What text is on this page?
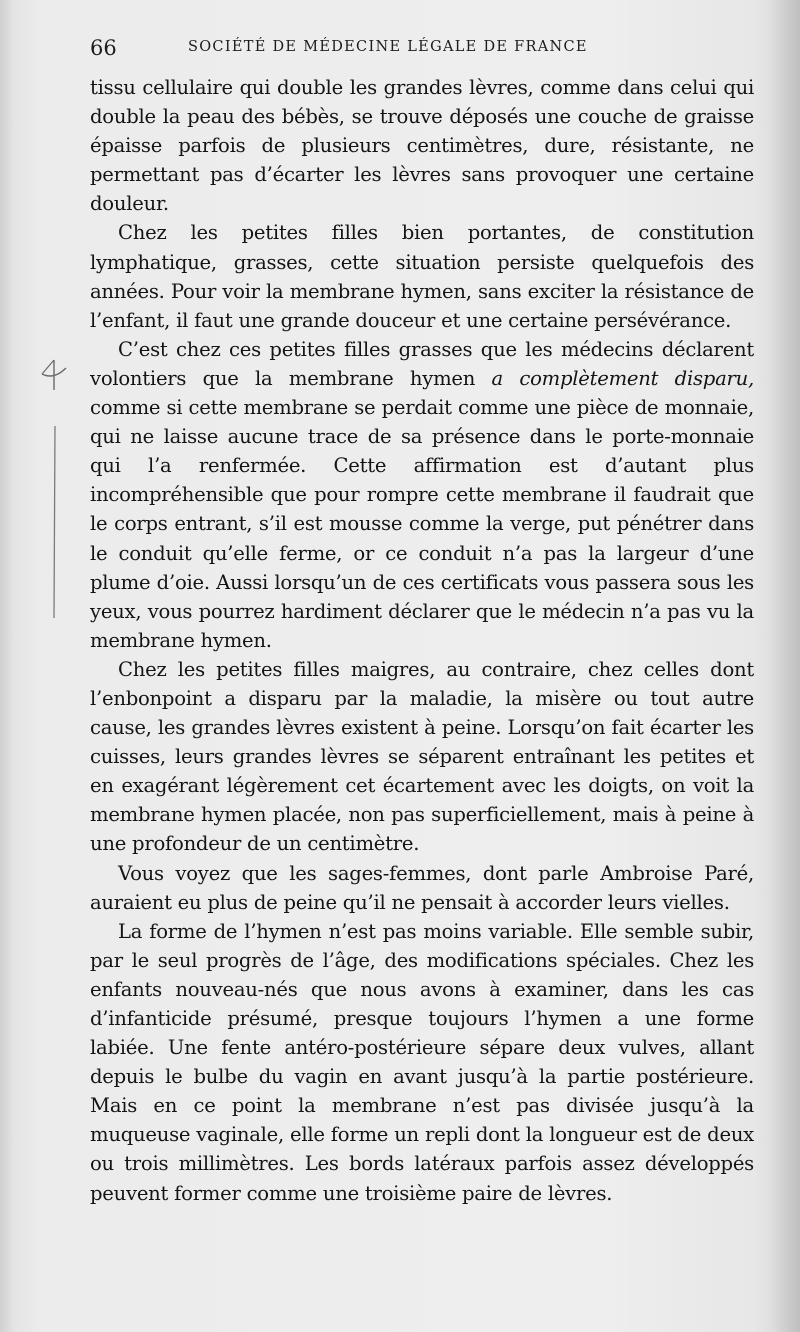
66	SOCIÉTÉ DE MÉDECINE LÉGALE DE FRANCE

tissu cellulaire qui double les grandes lèvres, comme dans celui qui double la peau des bébès, se trouve déposés une couche de graisse épaisse parfois de plusieurs centimètres, dure, résistante, ne permettant pas d’écarter les lèvres sans provoquer une certaine douleur.

Chez les petites filles bien portantes, de constitution lymphatique, grasses, cette situation persiste quelquefois des années. Pour voir la membrane hymen, sans exciter la résistance de l’enfant, il faut une grande douceur et une certaine persévérance.

C’est chez ces petites filles grasses que les médecins déclarent volontiers que la membrane hymen a complètement disparu, comme si cette membrane se perdait comme une pièce de monnaie, qui ne laisse aucune trace de sa présence dans le porte-monnaie qui l’a renfermée. Cette affirmation est d’autant plus incompréhensible que pour rompre cette membrane il faudrait que le corps entrant, s’il est mousse comme la verge, put pénétrer dans le conduit qu’elle ferme, or ce conduit n’a pas la largeur d’une plume d’oie. Aussi lorsqu’un de ces certificats vous passera sous les yeux, vous pourrez hardiment déclarer que le médecin n’a pas vu la membrane hymen.

Chez les petites filles maigres, au contraire, chez celles dont l’enbonpoint a disparu par la maladie, la misère ou tout autre cause, les grandes lèvres existent à peine. Lorsqu’on fait écarter les cuisses, leurs grandes lèvres se séparent entraînant les petites et en exagérant légèrement cet écartement avec les doigts, on voit la membrane hymen placée, non pas superficiellement, mais à peine à une profondeur de un centimètre.

Vous voyez que les sages-femmes, dont parle Ambroise Paré, auraient eu plus de peine qu’il ne pensait à accorder leurs vielles.

La forme de l’hymen n’est pas moins variable. Elle semble subir, par le seul progrès de l’âge, des modifications spéciales. Chez les enfants nouveau-nés que nous avons à examiner, dans les cas d’infanticide présumé, presque toujours l’hymen a une forme labiée. Une fente antéro-postérieure sépare deux vulves, allant depuis le bulbe du vagin en avant jusqu’à la partie postérieure. Mais en ce point la membrane n’est pas divisée jusqu’à la muqueuse vaginale, elle forme un repli dont la longueur est de deux ou trois millimètres. Les bords latéraux parfois assez développés peuvent former comme une troisième paire de lèvres.
